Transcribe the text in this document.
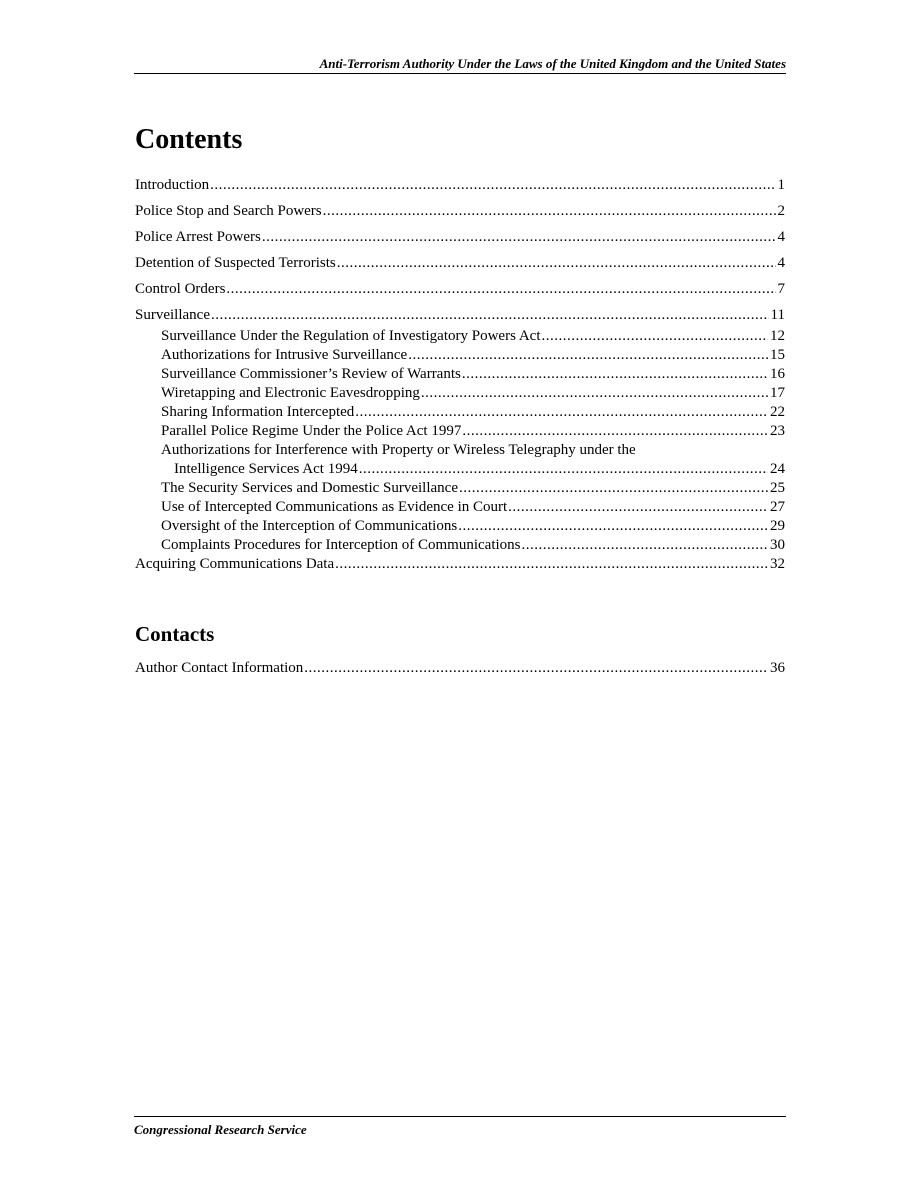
Anti-Terrorism Authority Under the Laws of the United Kingdom and the United States
Contents
Introduction .....	1
Police Stop and Search Powers .....	2
Police Arrest Powers .....	4
Detention of Suspected Terrorists .....	4
Control Orders .....	7
Surveillance .....	11
Surveillance Under the Regulation of Investigatory Powers Act .....	12
Authorizations for Intrusive Surveillance .....	15
Surveillance Commissioner’s Review of Warrants .....	16
Wiretapping and Electronic Eavesdropping .....	17
Sharing Information Intercepted .....	22
Parallel Police Regime Under the Police Act 1997 .....	23
Authorizations for Interference with Property or Wireless Telegraphy under the
Intelligence Services Act 1994 .....	24
The Security Services and Domestic Surveillance .....	25
Use of Intercepted Communications as Evidence in Court .....	27
Oversight of the Interception of Communications .....	29
Complaints Procedures for Interception of Communications .....	30
Acquiring Communications Data .....	32
Contacts
Author Contact Information .....	36
Congressional Research Service
